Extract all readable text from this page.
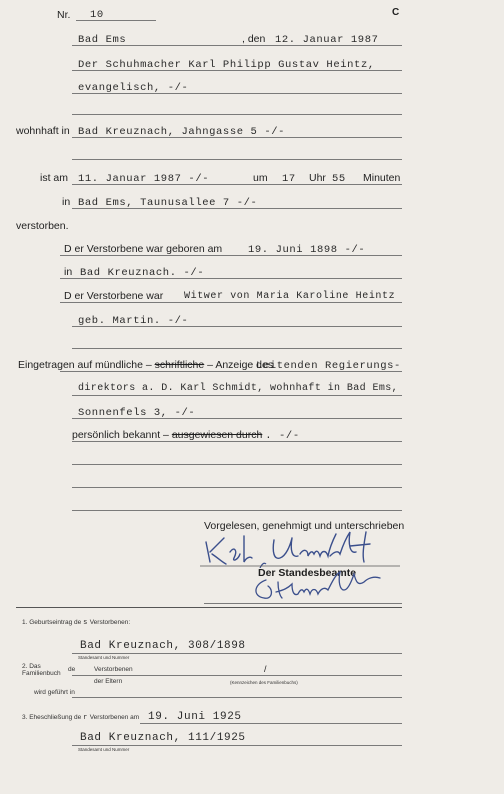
Nr. 10	C
Bad Ems	, den 12. Januar 1987
Der Schuhmacher Karl Philipp Gustav Heintz,
evangelisch, -/-
wohnhaft in Bad Kreuznach, Jahngasse 5 -/-
ist am 11. Januar 1987 -/-	um 17 Uhr 55 Minuten
in Bad Ems, Taunusallee 7 -/-
verstorben.
D er Verstorbene war geboren am 19. Juni 1898 -/-
in Bad Kreuznach. -/-
D er Verstorbene war Witwer von Maria Karoline Heintz
geb. Martin. -/-
Eingetragen auf mündliche – schriftliche – Anzeige des
Leitenden Regierungs-
direktors a. D. Karl Schmidt, wohnhaft in Bad Ems,
Sonnenfels 3, -/-
persönlich bekannt – ausgewiesen durch . -/-
Vorgelesen, genehmigt und unterschrieben
Der Standesbeamte
1. Geburtseintrag de s Verstorbenen:
Bad Kreuznach, 308/1898
Standesamt und Nummer
2. Das
Familienbuch
de	Verstorbenen	/
der Eltern	(Kennzeichen des Familienbuchs)
wird geführt in
3. Eheschließung de r Verstorbenen am 19. Juni 1925
Bad Kreuznach, 111/1925
Standesamt und Nummer
